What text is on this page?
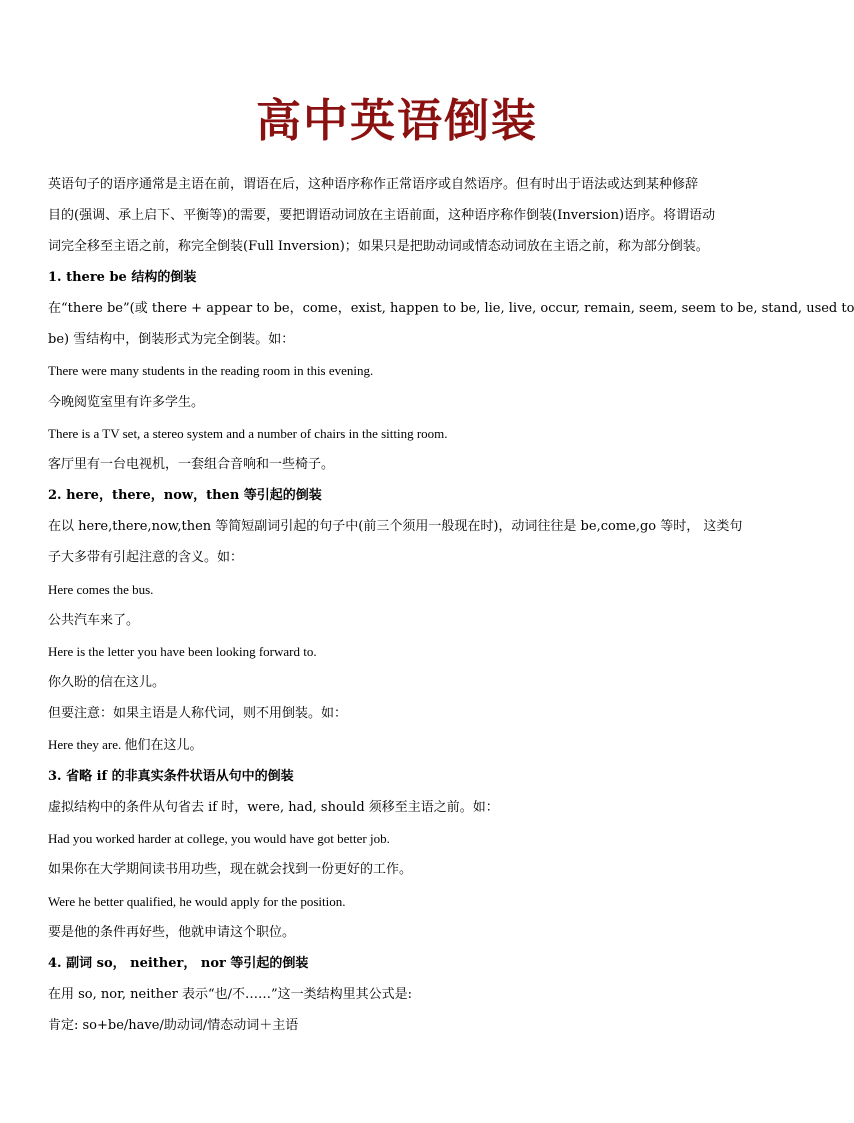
高中英语倒装
英语句子的语序通常是主语在前，谓语在后，这种语序称作正常语序或自然语序。但有时出于语法或达到某种修辞
目的(强调、承上启下、平衡等)的需要，要把谓语动词放在主语前面，这种语序称作倒装(Inversion)语序。将谓语动
词完全移至主语之前，称完全倒装(Full Inversion)；如果只是把助动词或情态动词放在主语之前，称为部分倒装。
1. there be 结构的倒装
在“there be”(或 there + appear to be，come，exist, happen to be, lie, live, occur, remain, seem, seem to be, stand, used to
be) 雪结构中，倒装形式为完全倒装。如：
There were many students in the reading room in this evening.
今晚阅览室里有许多学生。
There is a TV set, a stereo system and a number of chairs in the sitting room.
客厅里有一台电视机，一套组合音响和一些椅子。
2. here，there，now，then 等引起的倒装
在以 here,there,now,then 等简短副词引起的句子中(前三个须用一般现在时)，动词往往是 be,come,go 等时， 这类句
子大多带有引起注意的含义。如：
Here comes the bus.
公共汽车来了。
Here is the letter you have been looking forward to.
你久盼的信在这儿。
但要注意：如果主语是人称代词，则不用倒装。如：
Here they are. 他们在这儿。
3. 省略 if 的非真实条件状语从句中的倒装
虚拟结构中的条件从句省去 if 时，were, had, should 须移至主语之前。如：
Had you worked harder at college, you would have got better job.
如果你在大学期间读书用功些，现在就会找到一份更好的工作。
Were he better qualified, he would apply for the position.
要是他的条件再好些，他就申请这个职位。
4. 副词 so， neither， nor 等引起的倒装
在用 so, nor, neither 表示“也/不……”这一类结构里其公式是:
肯定: so+be/have/助动词/情态动词＋主语
